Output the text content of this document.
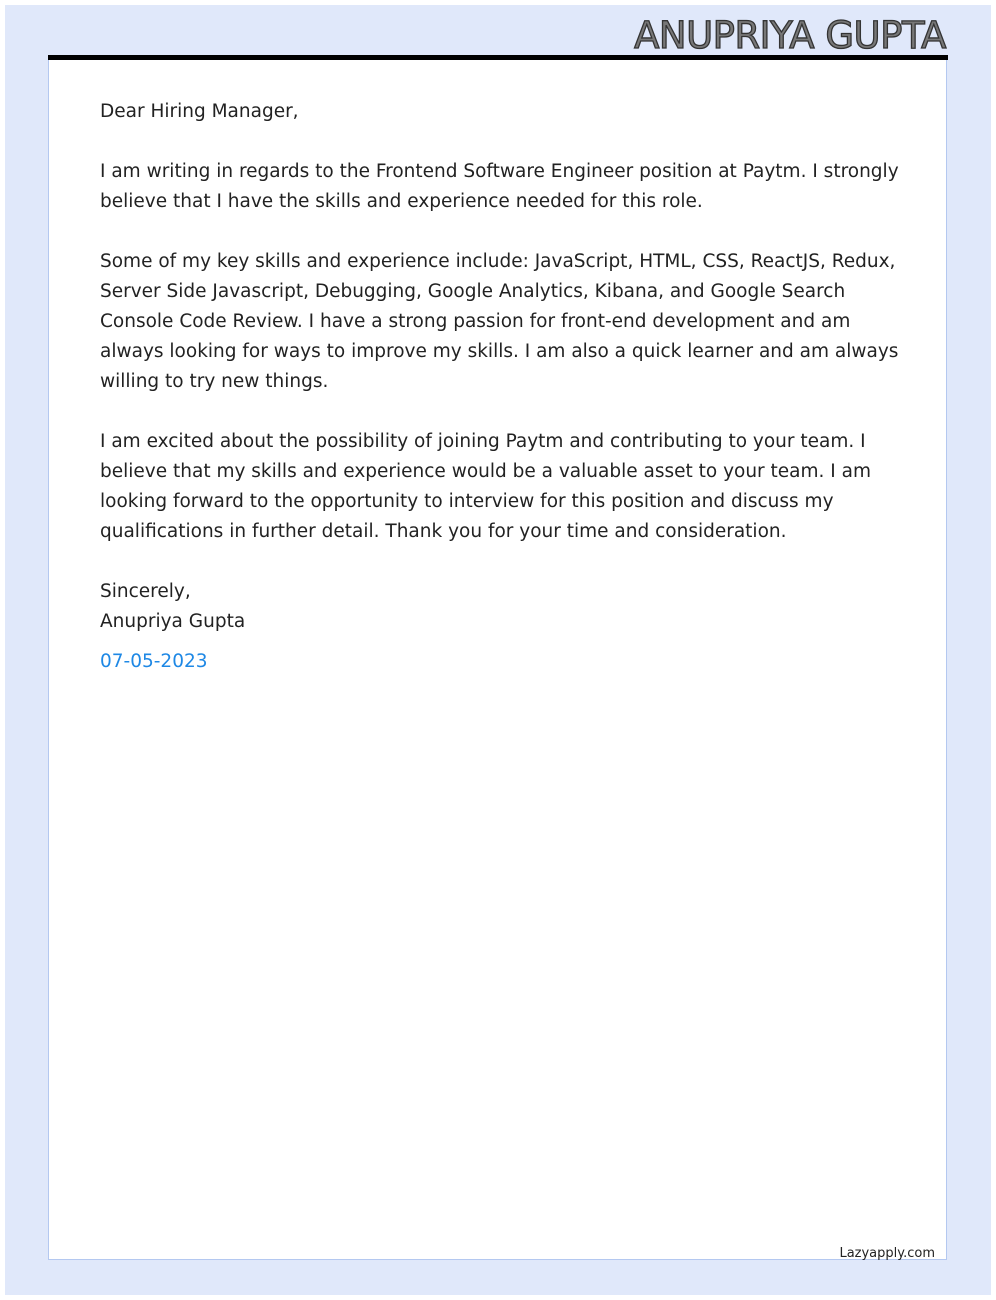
ANUPRIYA GUPTA

Dear Hiring Manager,

I am writing in regards to the Frontend Software Engineer position at Paytm. I strongly believe that I have the skills and experience needed for this role.

Some of my key skills and experience include: JavaScript, HTML, CSS, ReactJS, Redux, Server Side Javascript, Debugging, Google Analytics, Kibana, and Google Search Console Code Review. I have a strong passion for front-end development and am always looking for ways to improve my skills. I am also a quick learner and am always willing to try new things.

I am excited about the possibility of joining Paytm and contributing to your team. I believe that my skills and experience would be a valuable asset to your team. I am looking forward to the opportunity to interview for this position and discuss my qualifications in further detail. Thank you for your time and consideration.

Sincerely,
Anupriya Gupta
07-05-2023
Lazyapply.com
